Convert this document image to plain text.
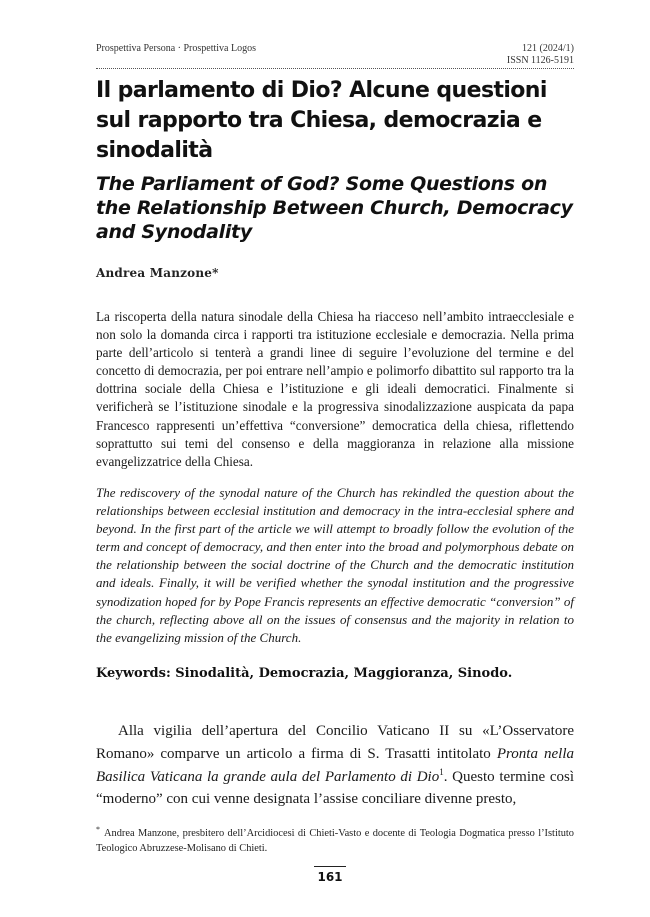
Prospettiva Persona · Prospettiva Logos	121 (2024/1)
ISSN 1126-5191
Il parlamento di Dio? Alcune questioni sul rapporto tra Chiesa, democrazia e sinodalità
The Parliament of God? Some Questions on the Relationship Between Church, Democracy and Synodality
Andrea Manzone*

La riscoperta della natura sinodale della Chiesa ha riacceso nell’ambito intraecclesiale e non solo la domanda circa i rapporti tra istituzione ecclesiale e democrazia. Nella prima parte dell’articolo si tenterà a grandi linee di seguire l’evoluzione del termine e del concetto di democrazia, per poi entrare nell’ampio e polimorfo dibattito sul rapporto tra la dottrina sociale della Chiesa e l’istituzione e gli ideali democratici. Finalmente si verificherà se l’istituzione sinodale e la progressiva sinodalizzazione auspicata da papa Francesco rappresenti un’effettiva “conversione” democratica della chiesa, riflettendo soprattutto sui temi del consenso e della maggioranza in relazione alla missione evangelizzatrice della Chiesa.

The rediscovery of the synodal nature of the Church has rekindled the question about the relationships between ecclesial institution and democracy in the intra-ecclesial sphere and beyond. In the first part of the article we will attempt to broadly follow the evolution of the term and concept of democracy, and then enter into the broad and polymorphous debate on the relationship between the social doctrine of the Church and the democratic institution and ideals. Finally, it will be verified whether the synodal institution and the progressive synodization hoped for by Pope Francis represents an effective democratic “conversion” of the church, reflecting above all on the issues of consensus and the majority in relation to the evangelizing mission of the Church.

Keywords: Sinodalità, Democrazia, Maggioranza, Sinodo.

Alla vigilia dell’apertura del Concilio Vaticano II su «L’Osservatore Romano» comparve un articolo a firma di S. Trasatti intitolato Pronta nella Basilica Vaticana la grande aula del Parlamento di Dio$^1$. Questo termine così “moderno” con cui venne designata l’assise conciliare divenne presto,

* Andrea Manzone, presbitero dell’Arcidiocesi di Chieti-Vasto e docente di Teologia Dogmatica presso l’Istituto Teologico Abruzzese-Molisano di Chieti.

161
